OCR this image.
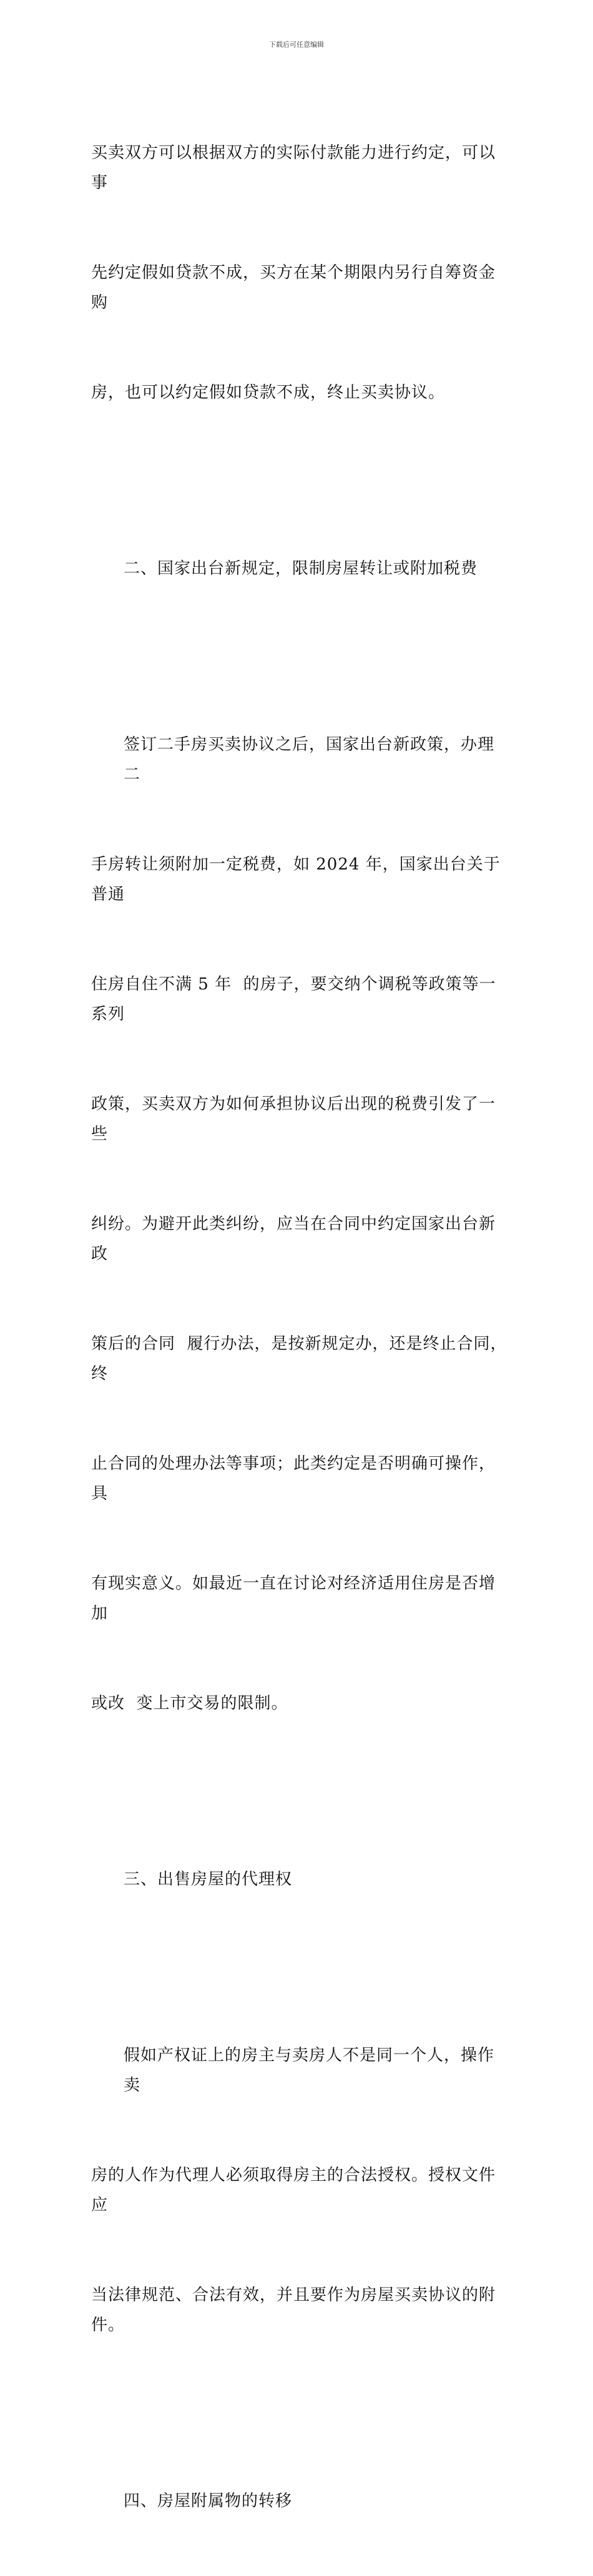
下载后可任意编辑

买卖双方可以根据双方的实际付款能力进行约定，可以事

先约定假如贷款不成，买方在某个期限内另行自筹资金购

房，也可以约定假如贷款不成，终止买卖协议。

二、国家出台新规定，限制房屋转让或附加税费

签订二手房买卖协议之后，国家出台新政策，办理二

手房转让须附加一定税费，如 2024 年，国家出台关于普通

住房自住不满 5 年  的房子，要交纳个调税等政策等一系列

政策，买卖双方为如何承担协议后出现的税费引发了一些

纠纷。为避开此类纠纷，应当在合同中约定国家出台新政

策后的合同  履行办法，是按新规定办，还是终止合同，终

止合同的处理办法等事项；此类约定是否明确可操作，具

有现实意义。如最近一直在讨论对经济适用住房是否增加

或改  变上市交易的限制。

三、出售房屋的代理权

假如产权证上的房主与卖房人不是同一个人，操作卖

房的人作为代理人必须取得房主的合法授权。授权文件应

当法律规范、合法有效，并且要作为房屋买卖协议的附件。

四、房屋附属物的转移
